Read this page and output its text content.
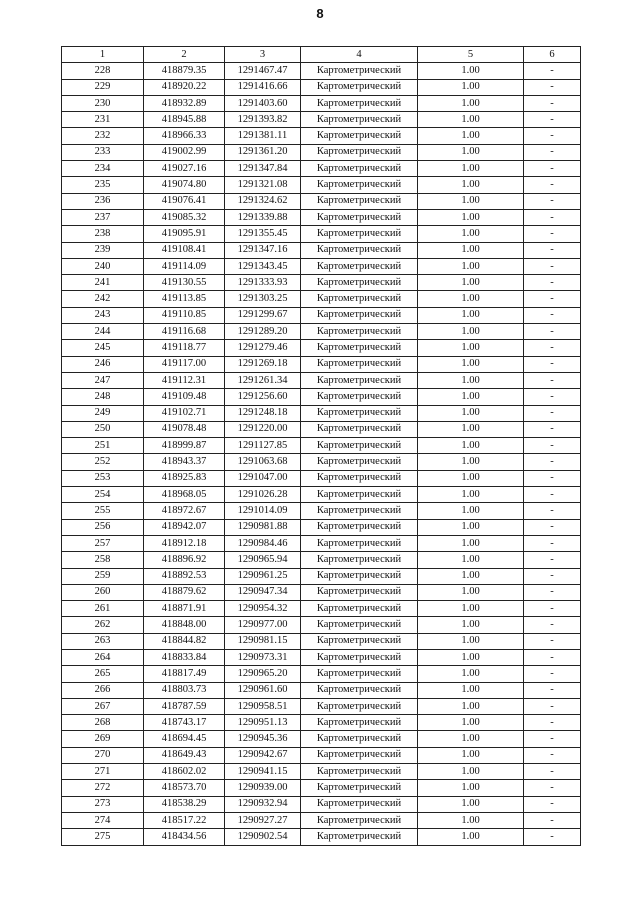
8
1	2	3	4	5	6
228	418879.35	1291467.47	Картометрический	1.00	-
229	418920.22	1291416.66	Картометрический	1.00	-
230	418932.89	1291403.60	Картометрический	1.00	-
231	418945.88	1291393.82	Картометрический	1.00	-
232	418966.33	1291381.11	Картометрический	1.00	-
233	419002.99	1291361.20	Картометрический	1.00	-
234	419027.16	1291347.84	Картометрический	1.00	-
235	419074.80	1291321.08	Картометрический	1.00	-
236	419076.41	1291324.62	Картометрический	1.00	-
237	419085.32	1291339.88	Картометрический	1.00	-
238	419095.91	1291355.45	Картометрический	1.00	-
239	419108.41	1291347.16	Картометрический	1.00	-
240	419114.09	1291343.45	Картометрический	1.00	-
241	419130.55	1291333.93	Картометрический	1.00	-
242	419113.85	1291303.25	Картометрический	1.00	-
243	419110.85	1291299.67	Картометрический	1.00	-
244	419116.68	1291289.20	Картометрический	1.00	-
245	419118.77	1291279.46	Картометрический	1.00	-
246	419117.00	1291269.18	Картометрический	1.00	-
247	419112.31	1291261.34	Картометрический	1.00	-
248	419109.48	1291256.60	Картометрический	1.00	-
249	419102.71	1291248.18	Картометрический	1.00	-
250	419078.48	1291220.00	Картометрический	1.00	-
251	418999.87	1291127.85	Картометрический	1.00	-
252	418943.37	1291063.68	Картометрический	1.00	-
253	418925.83	1291047.00	Картометрический	1.00	-
254	418968.05	1291026.28	Картометрический	1.00	-
255	418972.67	1291014.09	Картометрический	1.00	-
256	418942.07	1290981.88	Картометрический	1.00	-
257	418912.18	1290984.46	Картометрический	1.00	-
258	418896.92	1290965.94	Картометрический	1.00	-
259	418892.53	1290961.25	Картометрический	1.00	-
260	418879.62	1290947.34	Картометрический	1.00	-
261	418871.91	1290954.32	Картометрический	1.00	-
262	418848.00	1290977.00	Картометрический	1.00	-
263	418844.82	1290981.15	Картометрический	1.00	-
264	418833.84	1290973.31	Картометрический	1.00	-
265	418817.49	1290965.20	Картометрический	1.00	-
266	418803.73	1290961.60	Картометрический	1.00	-
267	418787.59	1290958.51	Картометрический	1.00	-
268	418743.17	1290951.13	Картометрический	1.00	-
269	418694.45	1290945.36	Картометрический	1.00	-
270	418649.43	1290942.67	Картометрический	1.00	-
271	418602.02	1290941.15	Картометрический	1.00	-
272	418573.70	1290939.00	Картометрический	1.00	-
273	418538.29	1290932.94	Картометрический	1.00	-
274	418517.22	1290927.27	Картометрический	1.00	-
275	418434.56	1290902.54	Картометрический	1.00	-
